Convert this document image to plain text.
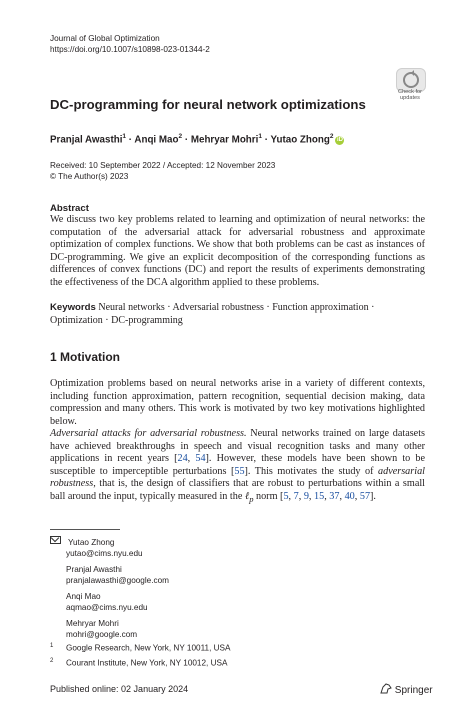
Journal of Global Optimization
https://doi.org/10.1007/s10898-023-01344-2
Check for
updates
DC-programming for neural network optimizations
Pranjal Awasthi$^1$ · Anqi Mao$^2$ · Mehryar Mohri$^1$ · Yutao Zhong$^2$iD
Received: 10 September 2022 / Accepted: 12 November 2023
© The Author(s) 2023
Abstract
We discuss two key problems related to learning and optimization of neural networks: the computation of the adversarial attack for adversarial robustness and approximate optimization of complex functions. We show that both problems can be cast as instances of DC-programming. We give an explicit decomposition of the corresponding functions as differences of convex functions (DC) and report the results of experiments demonstrating the effectiveness of the DCA algorithm applied to these problems.
Keywords Neural networks · Adversarial robustness · Function approximation · Optimization · DC-programming
1 Motivation
Optimization problems based on neural networks arise in a variety of different contexts, including function approximation, pattern recognition, sequential decision making, data compression and many others. This work is motivated by two key motivations highlighted below.
Adversarial attacks for adversarial robustness. Neural networks trained on large datasets have achieved breakthroughs in speech and visual recognition tasks and many other applications in recent years [24, 54]. However, these models have been shown to be susceptible to imperceptible perturbations [55]. This motivates the study of adversarial robustness, that is, the design of classifiers that are robust to perturbations within a small ball around the input, typically measured in the ℓ$_p$ norm [5, 7, 9, 15, 37, 40, 57].
Yutao Zhong
yutao@cims.nyu.edu
Pranjal Awasthi
pranjalawasthi@google.com
Anqi Mao
aqmao@cims.nyu.edu
Mehryar Mohri
mohri@google.com
$^1$ Google Research, New York, NY 10011, USA
$^2$ Courant Institute, New York, NY 10012, USA
Published online: 02 January 2024	Springer
